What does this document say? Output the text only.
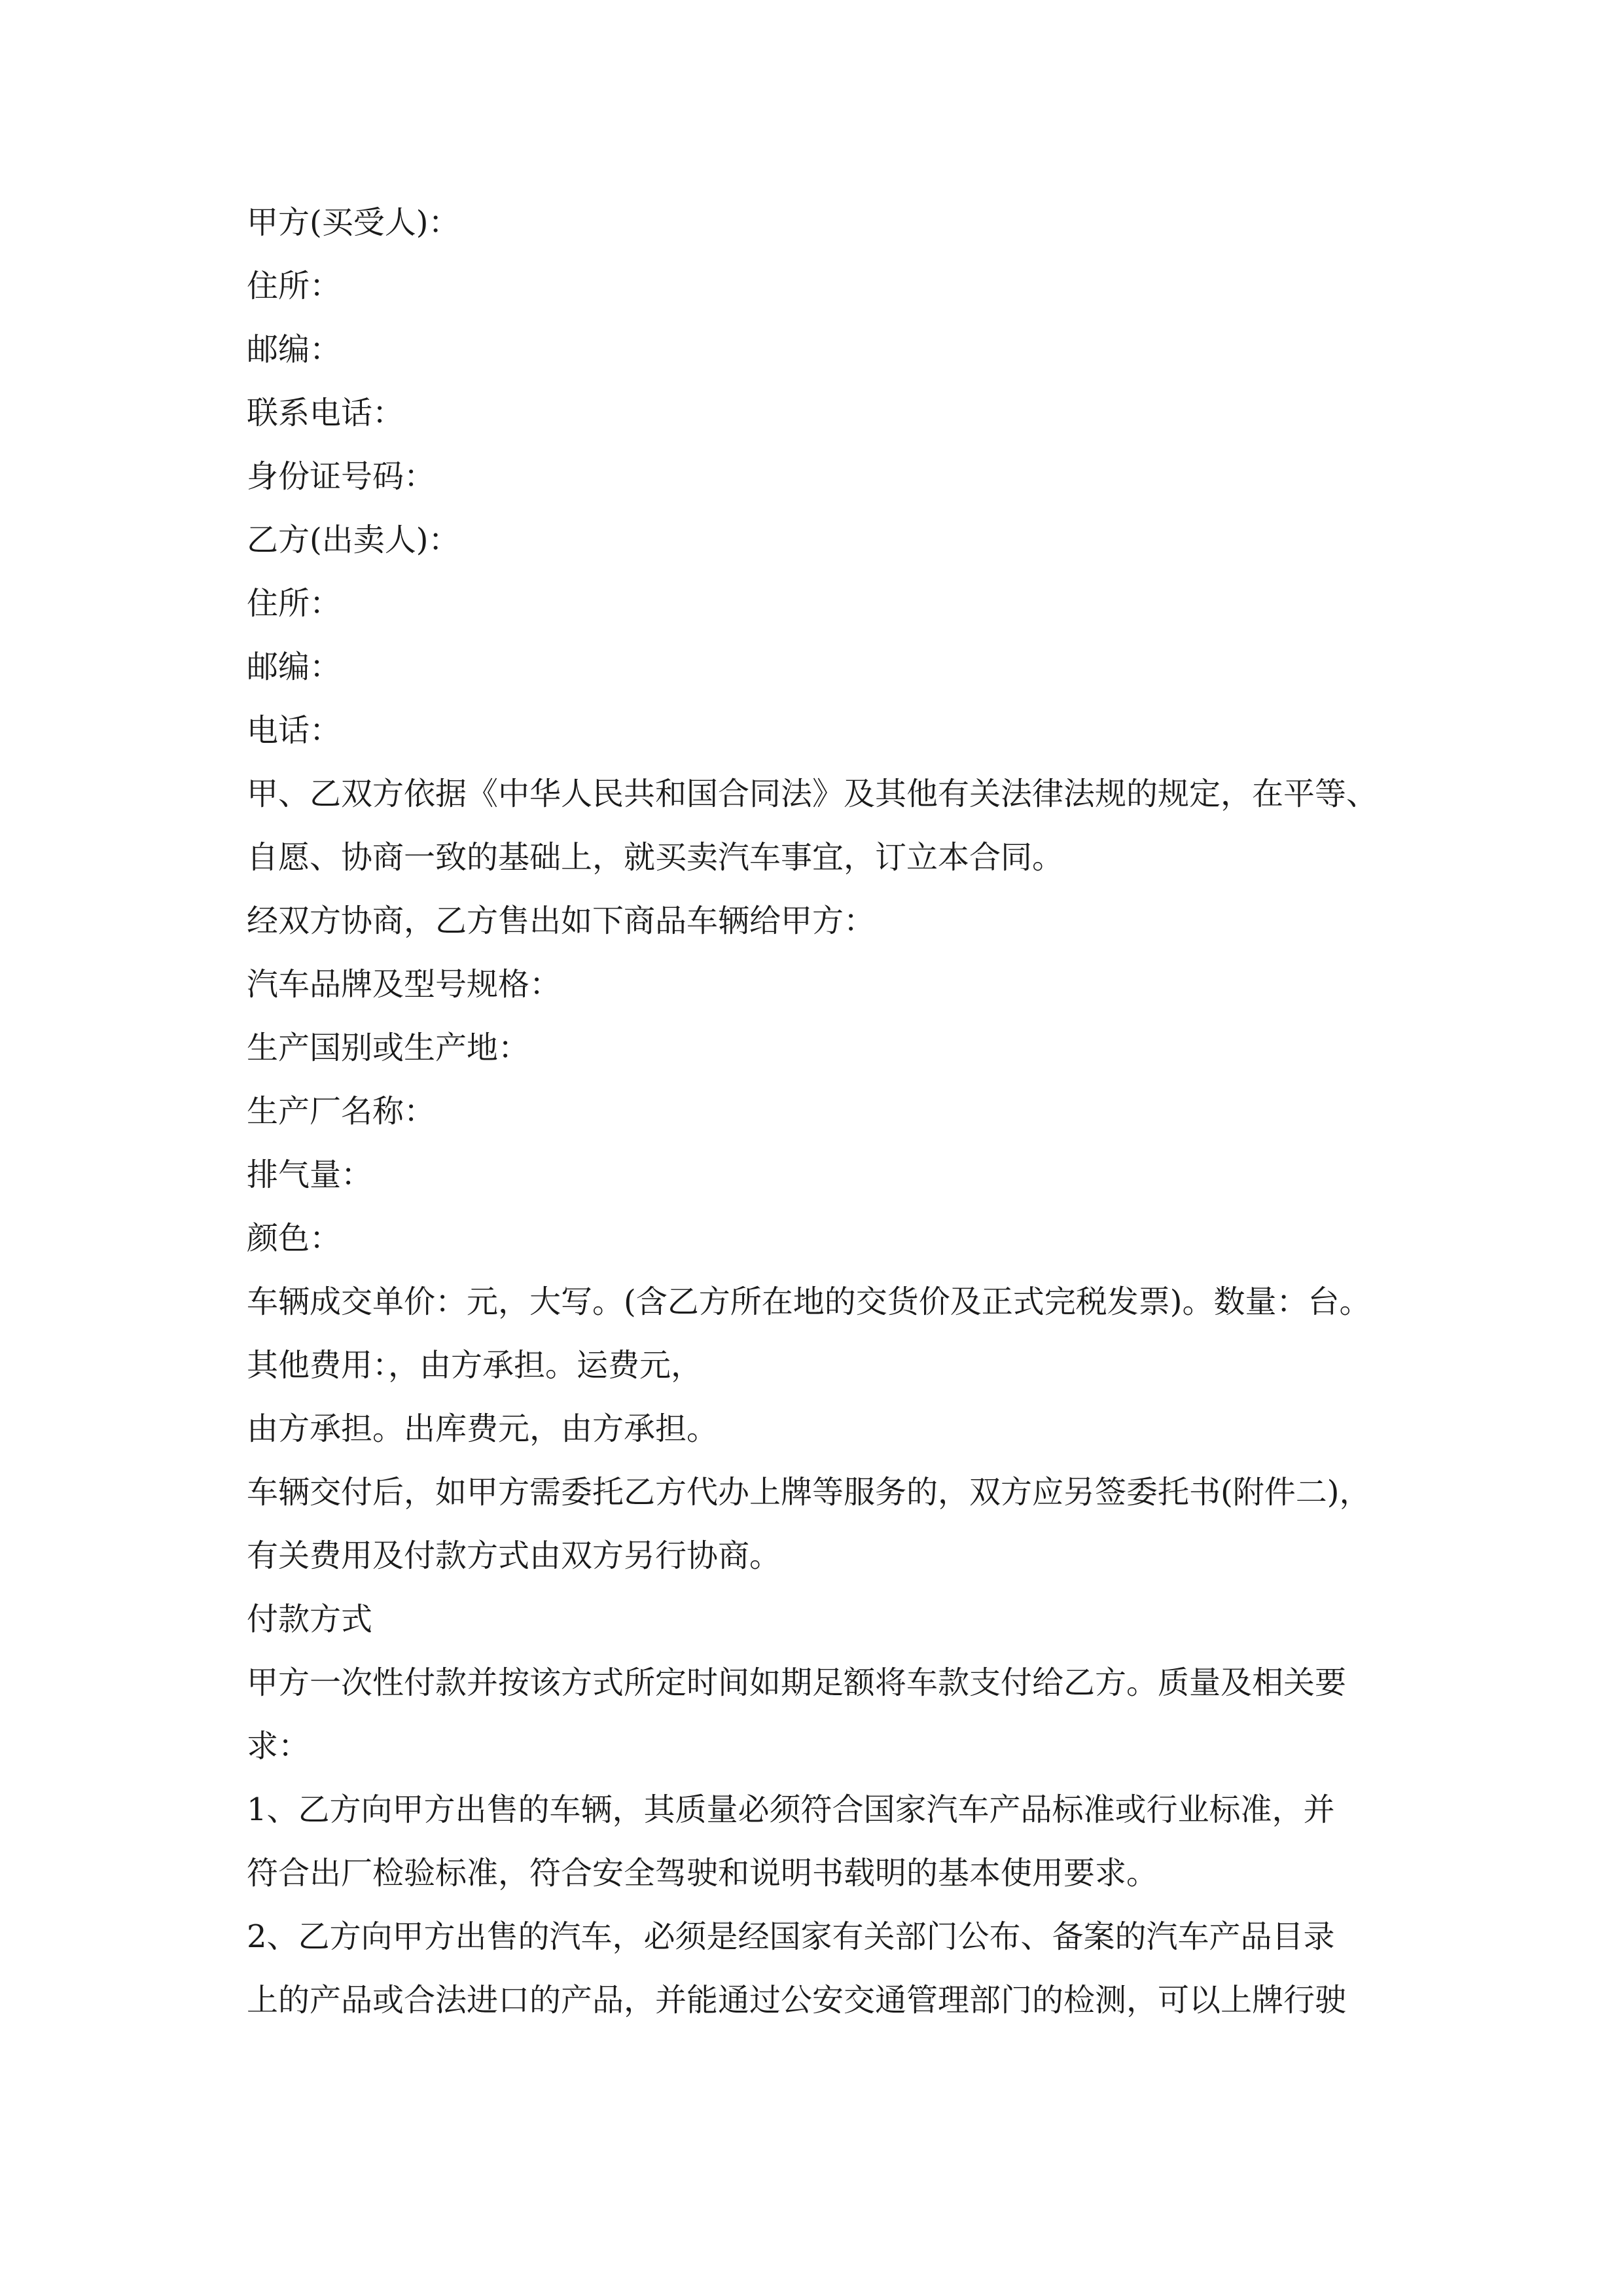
甲方(买受人)：
住所：
邮编：
联系电话：
身份证号码：
乙方(出卖人)：
住所：
邮编：
电话：
甲、乙双方依据《中华人民共和国合同法》及其他有关法律法规的规定，在平等、
自愿、协商一致的基础上，就买卖汽车事宜，订立本合同。
经双方协商，乙方售出如下商品车辆给甲方：
汽车品牌及型号规格：
生产国别或生产地：
生产厂名称：
排气量：
颜色：
车辆成交单价：元，大写。(含乙方所在地的交货价及正式完税发票)。数量：台。
其他费用：，由方承担。运费元，
由方承担。出库费元，由方承担。
车辆交付后，如甲方需委托乙方代办上牌等服务的，双方应另签委托书(附件二)，
有关费用及付款方式由双方另行协商。
付款方式
甲方一次性付款并按该方式所定时间如期足额将车款支付给乙方。质量及相关要
求：
1、乙方向甲方出售的车辆，其质量必须符合国家汽车产品标准或行业标准，并
符合出厂检验标准，符合安全驾驶和说明书载明的基本使用要求。
2、乙方向甲方出售的汽车，必须是经国家有关部门公布、备案的汽车产品目录
上的产品或合法进口的产品，并能通过公安交通管理部门的检测，可以上牌行驶
